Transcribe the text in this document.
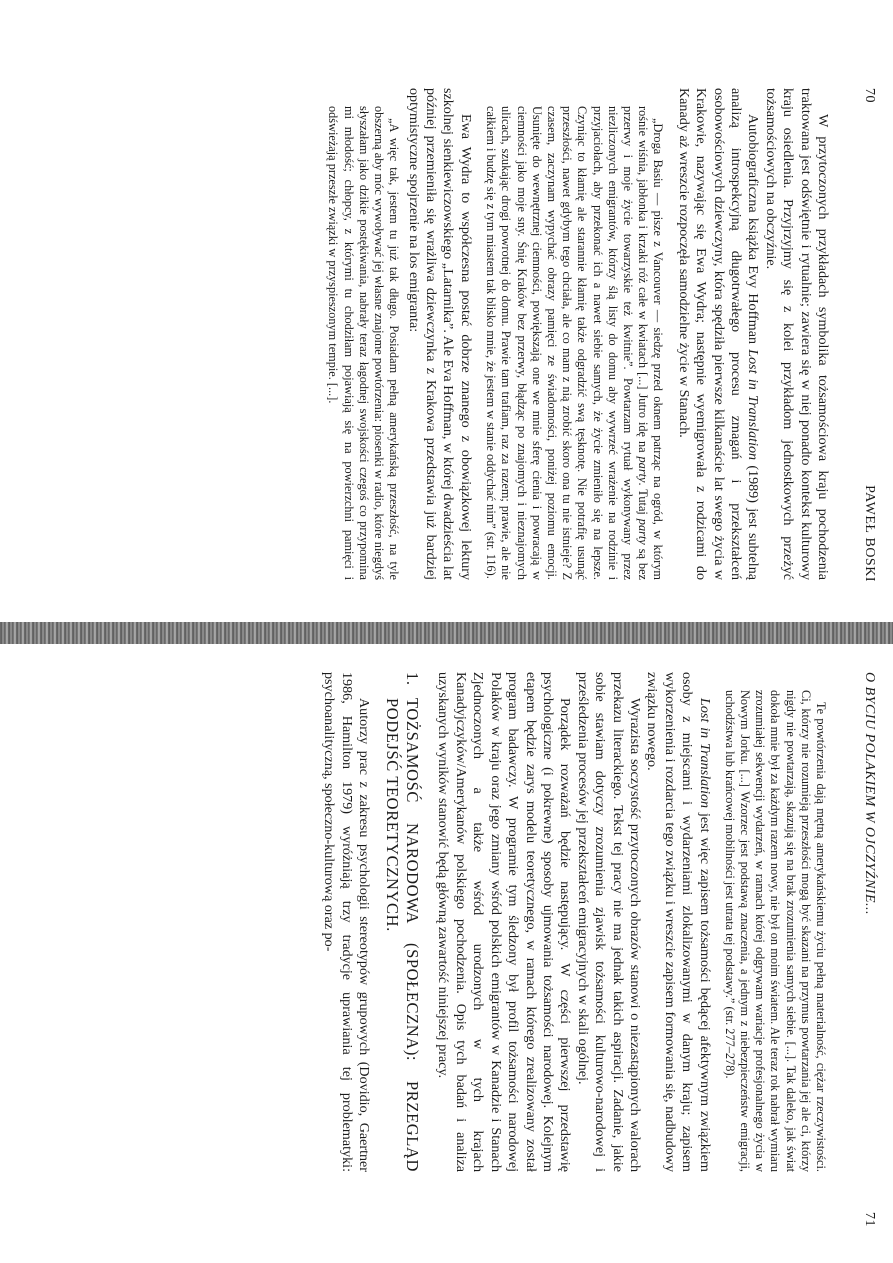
70
PAWEŁ BOSKI

W przytoczonych przykładach symbolika tożsamościowa kraju pochodzenia traktowana jest odświętnie i rytualnie; zawiera się w niej ponadto kontekst kulturowy kraju osiedlenia. Przyjrzyjmy się z kolei przykładom jednostkowych przeżyć tożsamościowych na obczyźnie.

Autobiograficzna książka Evy Hoffman Lost in Translation (1989) jest subtelną analizą introspekcyjną długotrwałego procesu zmagań i przekształceń osobowościowych dziewczyny, która spędziła pierwsze kilkanaście lat swego życia w Krakowie, nazywając się Ewa Wydra; następnie wyemigrowała z rodzicami do Kanady aż wreszcie rozpoczęła samodzielne życie w Stanach.

„Droga Basiu — pisze z Vancouver — siedzę przed oknem patrząc na ogród, w którym rośnie wiśnia, jabłonka i krzaki róż całe w kwiatach [...] Jutro idę na party. Tutaj party są bez przerwy i moje życie towarzyskie też kwitnie”. Powtarzam rytuał wykonywany przez niezliczonych emigrantów, którzy ślą listy do domu aby wywrzeć wrażenie na rodzinie i przyjaciołach, aby przekonać ich a nawet siebie samych, że życie zmieniło się na lepsze. Czyniąc to kłamię ale starannie kłamię także odgradzić swą tęsknotę. Nie potrafię usunąć przeszłości, nawet gdybym tego chciała, ale co mam z nią zrobić skoro ona tu nie istnieje? Z czasem, zaczynam wypychać obrazy pamięci ze świadomości, poniżej poziomu emocji. Usunięte do wewnętrznej ciemności, powiększają one we mnie sferę cienia i powracają w ciemności jako moje sny. Śnię Kraków bez przerwy, błądząc po znajomych i nieznajomych ulicach, szukając drogi powrotnej do domu. Prawie tam trafiam, raz za razem; prawie, ale nie całkiem i budzę się z tym miastem tak blisko mnie, że jestem w stanie oddychać nim” (str. 116).

Ewa Wydra to współczesna postać dobrze znanego z obowiązkowej lektury szkolnej sienkiewiczowskiego „Latarnika”. Ale Eva Hoffman, w której dwadzieścia lat później przemieniła się wrażliwa dziewczynka z Krakowa przedstawia już bardziej optymistyczne spojrzenie na los emigranta:

„A więc tak, jestem tu już tak długo. Posiadam pełną amerykańską przeszłość, na tyle obszerną aby móc wywoływać jej własne znajome powtórzenia: piosenki w radio, które niegdyś słyszałam jako dzikie postękiwania, nabrały teraz łagodnej swojskości czegoś co przypomina mi młodość; chłopcy, z którymi tu chodziłam pojawiają się na powierzchni pamięci i odświeżają przeszłe związki w przyspieszonym tempie. [...].

O BYCIU POLAKIEM W OJCZYŹNIE...
71

Te powtórzenia dają mętną amerykańskiemu życiu pełną materialność, ciężar rzeczywistości. Ci, którzy nie rozumieją przeszłości mogą być skazani na przymus powtarzania jej ale ci, którzy nigdy nie powtarzają, skazują się na brak zrozumienia samych siebie. [...]. Tak daleko, jak świat dokoła mnie był za każdym razem nowy, nie był on moim światem. Ale teraz rok nabrał wymiaru zrozumiałej sekwencji wydarzeń, w ramach której odgrywam wariacje profesjonalnego życia w Nowym Jorku. [...] Wzorzec jest podstawą znaczenia, a jednym z niebezpieczeństw emigracji, uchodźstwa lub krańcowej mobilności jest utrata tej podstawy.” (str. 277–278).

Lost in Translation jest więc zapisem tożsamości będącej afektywnym związkiem osoby z miejscami i wydarzeniami zlokalizowanymi w danym kraju; zapisem wykorzenienia i rozdarcia tego związku i wreszcie zapisem formowania się, nadbudowy związku nowego.

Wyrazista soczystość przytoczonych obrazów stanowi o niezastąpionych walorach przekazu literackiego. Tekst tej pracy nie ma jednak takich aspiracji. Zadanie, jakie sobie stawiam dotyczy zrozumienia zjawisk tożsamości kulturowo-narodowej i prześledzenia procesów jej przekształceń emigracyjnych w skali ogólnej.

Porządek rozważań będzie następujący. W części pierwszej przedstawię psychologiczne (i pokrewne) sposoby ujmowania tożsamości narodowej. Kolejnym etapem będzie zarys modelu teoretycznego, w ramach którego zrealizowany został program badawczy. W programie tym śledzony był profil tożsamości narodowej Polaków w kraju oraz jego zmiany wśród polskich emigrantów w Kanadzie i Stanach Zjednoczonych a także wśród urodzonych w tych krajach Kanadyjczyków/Amerykanów polskiego pochodzenia. Opis tych badań i analiza uzyskanych wyników stanowić będą główną zawartość niniejszej pracy.

1.
TOŻSAMOŚĆ NARODOWA (SPOŁECZNA): PRZEGLĄD PODEJŚĆ TEORETYCZNYCH.

Autorzy prac z zakresu psychologii stereotypów grupowych (Dovidio, Gaertner 1986, Hamilton 1979) wyróżniają trzy tradycje uprawiania tej problematyki: psychoanalityczną, społeczno-kulturową oraz po-
